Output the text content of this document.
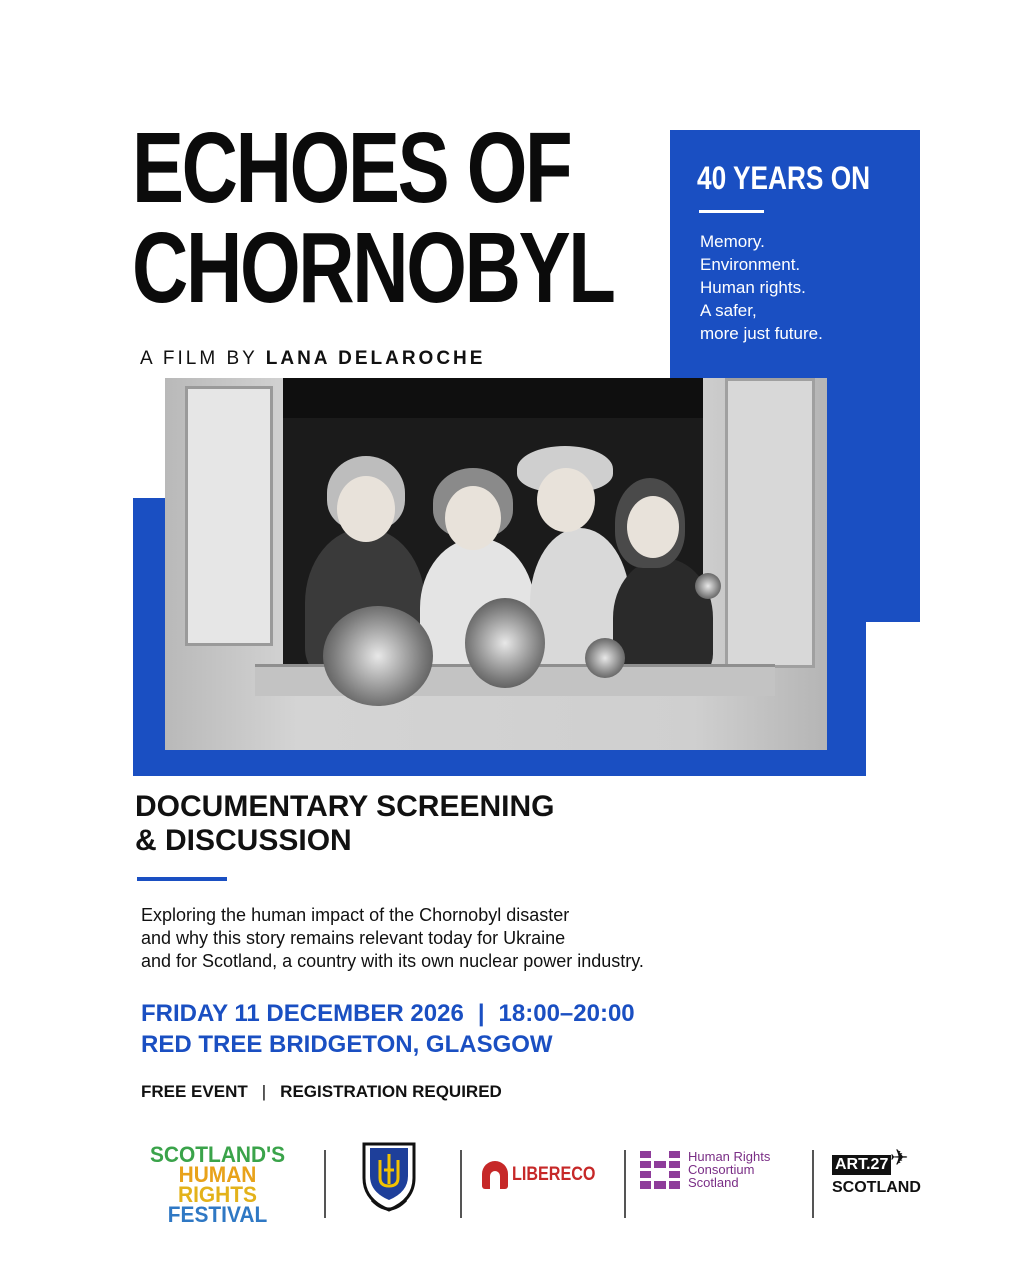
ECHOES OF
CHORNOBYL
A FILM BY LANA DELAROCHE
40 YEARS ON
Memory.
Environment.
Human rights.
A safer,
more just future.
DOCUMENTARY SCREENING
& DISCUSSION
Exploring the human impact of the Chornobyl disaster
and why this story remains relevant today for Ukraine
and for Scotland, a country with its own nuclear power industry.
FRIDAY 11 DECEMBER 2026 | 18:00–20:00
RED TREE BRIDGETON, GLASGOW
FREE EVENT | REGISTRATION REQUIRED
SCOTLAND'S
HUMAN
RIGHTS
FESTIVAL
LIBERECO
Human Rights
Consortium
Scotland
ART.27
SCOTLAND
✈
